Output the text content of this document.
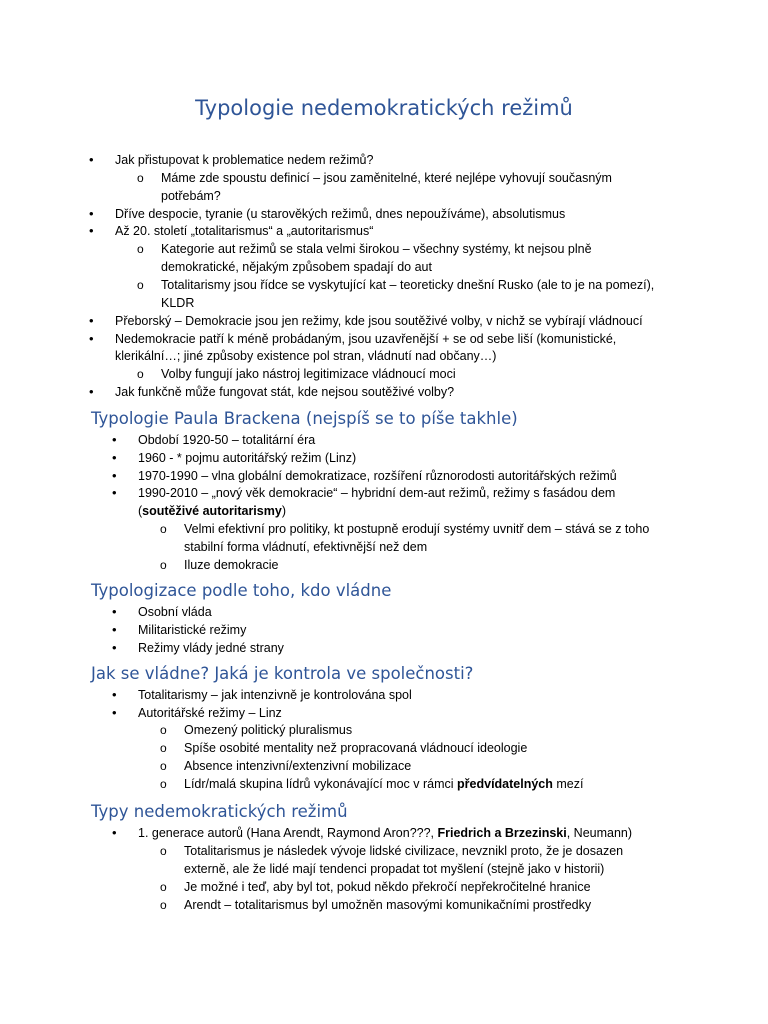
Typologie nedemokratických režimů
• Jak přistupovat k problematice nedem režimů?
o Máme zde spoustu definicí – jsou zaměnitelné, které nejlépe vyhovují současným
potřebám?
• Dříve despocie, tyranie (u starověkých režimů, dnes nepoužíváme), absolutismus
• Až 20. století „totalitarismus“ a „autoritarismus“
o Kategorie aut režimů se stala velmi širokou – všechny systémy, kt nejsou plně
demokratické, nějakým způsobem spadají do aut
o Totalitarismy jsou řídce se vyskytující kat – teoreticky dnešní Rusko (ale to je na pomezí),
KLDR
• Přeborský – Demokracie jsou jen režimy, kde jsou soutěživé volby, v nichž se vybírají vládnoucí
• Nedemokracie patří k méně probádaným, jsou uzavřenější + se od sebe liší (komunistické,
klerikální…; jiné způsoby existence pol stran, vládnutí nad občany…)
o Volby fungují jako nástroj legitimizace vládnoucí moci
• Jak funkčně může fungovat stát, kde nejsou soutěživé volby?
Typologie Paula Brackena (nejspíš se to píše takhle)
• Období 1920-50 – totalitární éra
• 1960 - * pojmu autoritářský režim (Linz)
• 1970-1990 – vlna globální demokratizace, rozšíření různorodosti autoritářských režimů
• 1990-2010 – „nový věk demokracie“ – hybridní dem-aut režimů, režimy s fasádou dem
(soutěživé autoritarismy)
o Velmi efektivní pro politiky, kt postupně erodují systémy uvnitř dem – stává se z toho
stabilní forma vládnutí, efektivnější než dem
o Iluze demokracie
Typologizace podle toho, kdo vládne
• Osobní vláda
• Militaristické režimy
• Režimy vlády jedné strany
Jak se vládne? Jaká je kontrola ve společnosti?
• Totalitarismy – jak intenzivně je kontrolována spol
• Autoritářské režimy – Linz
o Omezený politický pluralismus
o Spíše osobité mentality než propracovaná vládnoucí ideologie
o Absence intenzivní/extenzivní mobilizace
o Lídr/malá skupina lídrů vykonávající moc v rámci předvídatelných mezí
Typy nedemokratických režimů
• 1. generace autorů (Hana Arendt, Raymond Aron???, Friedrich a Brzezinski, Neumann)
o Totalitarismus je následek vývoje lidské civilizace, nevznikl proto, že je dosazen
externě, ale že lidé mají tendenci propadat tot myšlení (stejně jako v historii)
o Je možné i teď, aby byl tot, pokud někdo překročí nepřekročitelné hranice
o Arendt – totalitarismus byl umožněn masovými komunikačními prostředky
